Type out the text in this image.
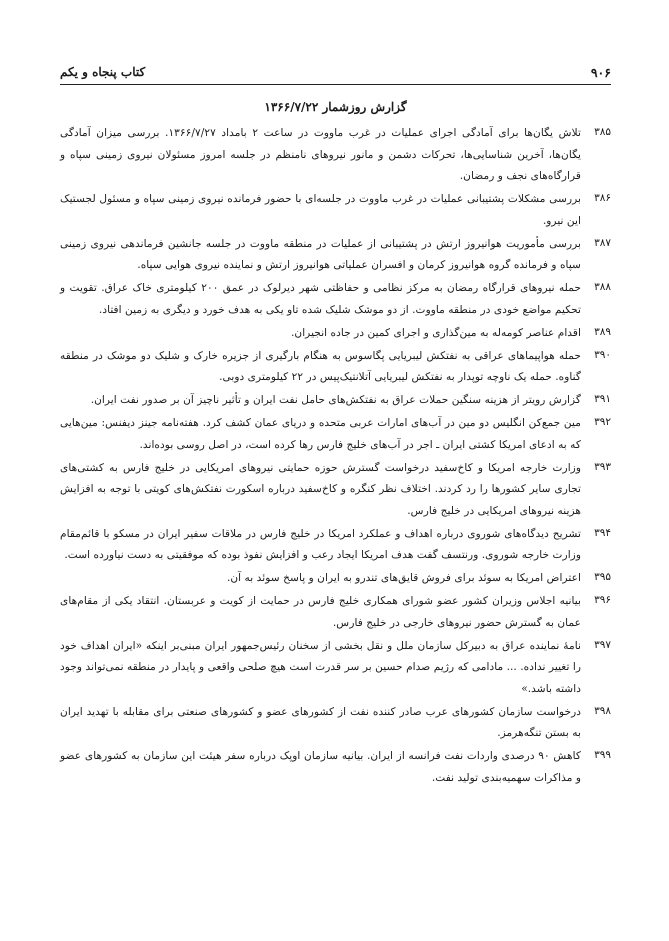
۹۰۶
کتاب پنجاه و یکم
گزارش روزشمار ۱۳۶۶/۷/۲۲
۳۸۵
تلاش یگان‌ها برای آمادگی اجرای عملیات در غرب ماووت در ساعت ۲ بامداد ۱۳۶۶/۷/۲۷. بررسی میزان آمادگی یگان‌ها، آخرین شناسایی‌ها، تحرکات دشمن و مانور نیروهای نامنظم در جلسه امروز مسئولان نیروی زمینی سپاه و قرارگاه‌های نجف و رمضان.
۳۸۶
بررسی مشکلات پشتیبانی عملیات در غرب ماووت در جلسه‌ای با حضور فرمانده نیروی زمینی سپاه و مسئول لجستیک این نیرو.
۳۸۷
بررسی مأموریت هوانیروز ارتش در پشتیبانی از عملیات در منطقه ماووت در جلسه جانشین فرماندهی نیروی زمینی سپاه و فرمانده گروه هوانیروز کرمان و افسران عملیاتی هوانیروز ارتش و نماینده نیروی هوایی سپاه.
۳۸۸
حمله نیروهای قرارگاه رمضان به مرکز نظامی و حفاظتی شهر دیرلوک در عمق ۲۰۰ کیلومتری خاک عراق. تقویت و تحکیم مواضع خودی در منطقه ماووت. از دو موشک شلیک شده تاو یکی به هدف خورد و دیگری به زمین افتاد.
۳۸۹
اقدام عناصر کومه‌له به مین‌گذاری و اجرای کمین در جاده انجیران.
۳۹۰
حمله هواپیماهای عراقی به نفتکش لیبریایی پگاسوس به هنگام بارگیری از جزیره خارک و شلیک دو موشک در منطقه گناوه. حمله یک ناوچه توپدار به نفتکش لیبریایی آتلانتیک‌پیس در ۲۲ کیلومتری دوبی.
۳۹۱
گزارش رویتر از هزینه سنگین حملات عراق به نفتکش‌های حامل نفت ایران و تأثیر ناچیز آن بر صدور نفت ایران.
۳۹۲
مین جمع‌کن انگلیس دو مین در آب‌های امارات عربی متحده و دریای عمان کشف کرد. هفته‌نامه جینز دیفنس: مین‌هایی که به ادعای امریکا کشتی ایران ـ اجر در آب‌های خلیج فارس رها کرده است، در اصل روسی بوده‌اند.
۳۹۳
وزارت خارجه امریکا و کاخ‌سفید درخواست گسترش حوزه حمایتی نیروهای امریکایی در خلیج فارس به کشتی‌های تجاری سایر کشورها را رد کردند. اختلاف نظر کنگره و کاخ‌سفید درباره اسکورت نفتکش‌های کویتی با توجه به افزایش هزینه نیروهای امریکایی در خلیج فارس.
۳۹۴
تشریح دیدگاه‌های شوروی درباره اهداف و عملکرد امریکا در خلیج فارس در ملاقات سفیر ایران در مسکو با قائم‌مقام وزارت خارجه شوروی. ورنتسف گفت هدف امریکا ایجاد رعب و افزایش نفوذ بوده که موفقیتی به دست نیاورده است.
۳۹۵
اعتراض امریکا به سوئد برای فروش قایق‌های تندرو به ایران و پاسخ سوئد به آن.
۳۹۶
بیانیه اجلاس وزیران کشور عضو شورای همکاری خلیج فارس در حمایت از کویت و عربستان. انتقاد یکی از مقام‌های عمان به گسترش حضور نیروهای خارجی در خلیج فارس.
۳۹۷
نامهٔ نماینده عراق به دبیرکل سازمان ملل و نقل بخشی از سخنان رئیس‌جمهور ایران مبنی‌بر اینکه «ایران اهداف خود را تغییر نداده. ... مادامی که رژیم صدام حسین بر سر قدرت است هیچ صلحی واقعی و پایدار در منطقه نمی‌تواند وجود داشته باشد.»
۳۹۸
درخواست سازمان کشورهای عرب صادر کننده نفت از کشورهای عضو و کشورهای صنعتی برای مقابله با تهدید ایران به بستن تنگه‌هرمز.
۳۹۹
کاهش ۹۰ درصدی واردات نفت فرانسه از ایران. بیانیه سازمان اوپک درباره سفر هیئت این سازمان به کشورهای عضو و مذاکرات سهمیه‌بندی تولید نفت.
